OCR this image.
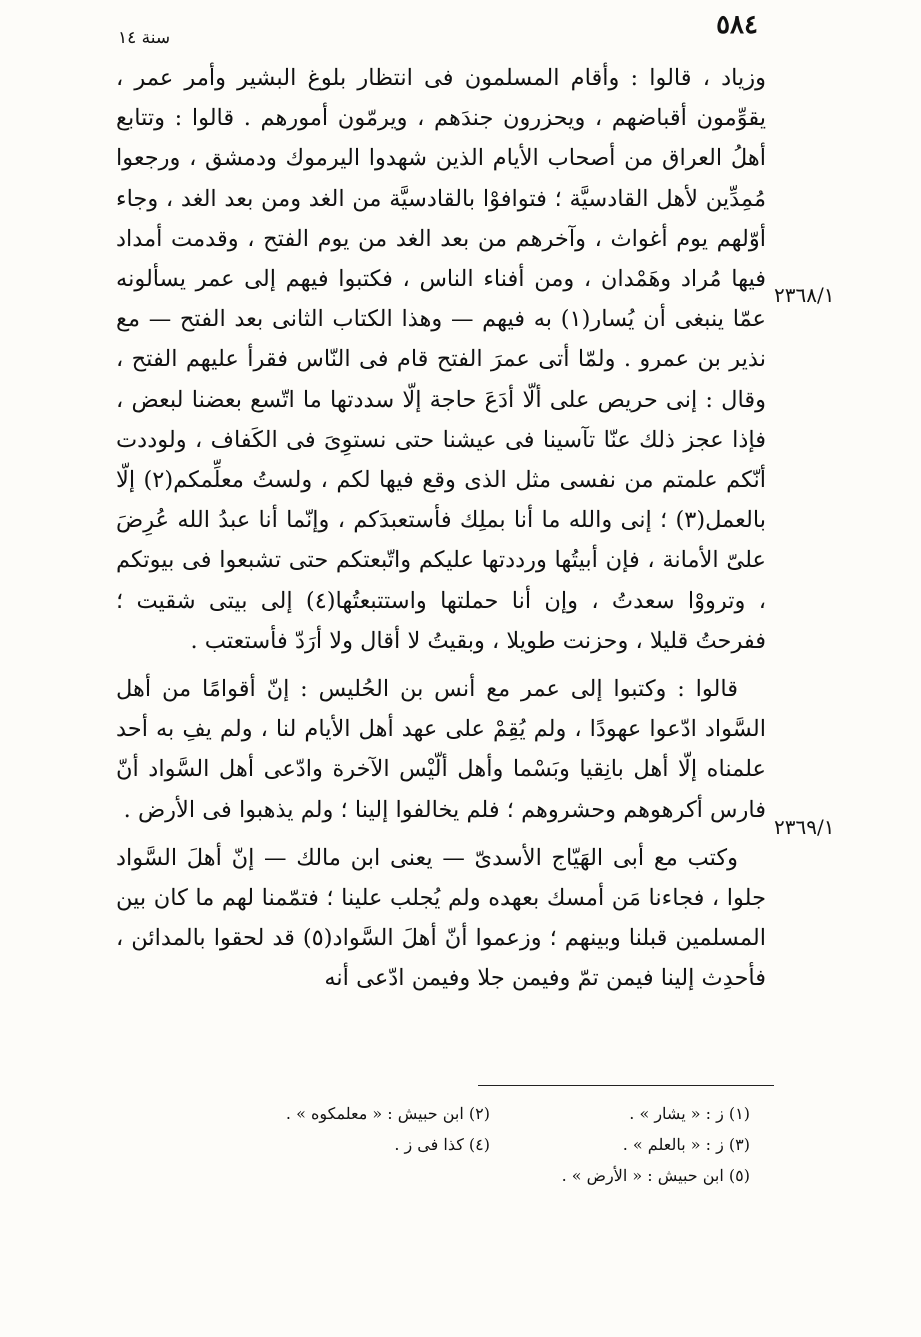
سنة ١٤	٥٨٤

وزياد ، قالوا : وأقام المسلمون فى انتظار بلوغ البشير وأمر عمر ، يقوِّمون أقباضهم ، ويحزرون جندَهم ، ويرمّون أمورهم . قالوا : وتتابع أهلُ العراق من أصحاب الأيام الذين شهدوا اليرموك ودمشق ، ورجعوا مُمِدِّين لأهل القادسيَّة ؛ فتوافوْا بالقادسيَّة من الغد ومن بعد الغد ، وجاء أوّلهم يوم أغواث ، وآخرهم من بعد الغد من يوم الفتح ، وقدمت أمداد فيها مُراد وهَمْدان ، ومن أفناء الناس ، فكتبوا فيهم إلى عمر يسألونه عمّا ينبغى أن يُسار(١) به فيهم — وهذا الكتاب الثانى بعد الفتح — مع نذير بن عمرو . ولمّا أتى عمرَ الفتح قام فى النّاس فقرأ عليهم الفتح ، وقال : إنى حريص على ألّا أدَعَ حاجة إلّا سددتها ما اتّسع بعضنا لبعض ، فإذا عجز ذلك عنّا تآسينا فى عيشنا حتى نستوِىَ فى الكَفاف ، ولوددت أنّكم علمتم من نفسى مثل الذى وقع فيها لكم ، ولستُ معلِّمكم(٢) إلّا بالعمل(٣) ؛ إنى والله ما أنا بملِك فأستعبدَكم ، وإنّما أنا عبدُ الله عُرِضَ علىّ الأمانة ، فإن أبيتُها ورددتها عليكم واتّبعتكم حتى تشبعوا فى بيوتكم ، وترووْا سعدتُ ، وإن أنا حملتها واستتبعتُها(٤) إلى بيتى شقيت ؛ ففرحتُ قليلا ، وحزنت طويلا ، وبقيتُ لا أقال ولا أرَدّ فأستعتب .

قالوا : وكتبوا إلى عمر مع أنس بن الحُليس : إنّ أقوامًا من أهل السَّواد ادّعوا عهودًا ، ولم يُقِمْ على عهد أهل الأيام لنا ، ولم يفِ به أحد علمناه إلّا أهل بانِقيا وبَسْما وأهل ألّيْس الآخرة وادّعى أهل السَّواد أنّ فارس أكرهوهم وحشروهم ؛ فلم يخالفوا إلينا ؛ ولم يذهبوا فى الأرض .

وكتب مع أبى الهَيّاج الأسدىّ — يعنى ابن مالك — إنّ أهلَ السَّواد جلوا ، فجاءنا مَن أمسك بعهده ولم يُجلب علينا ؛ فتمّمنا لهم ما كان بين المسلمين قبلنا وبينهم ؛ وزعموا أنّ أهلَ السَّواد(٥) قد لحقوا بالمدائن ، فأحدِث إلينا فيمن تمّ وفيمن جلا وفيمن ادّعى أنه

٢٣٦٨/١
٢٣٦٩/١
(١) ز : « يشار » .
(٢) ابن حبيش : « معلمكوه » .
(٣) ز : « بالعلم » .
(٤) كذا فى ز .
(٥) ابن حبيش : « الأرض » .
